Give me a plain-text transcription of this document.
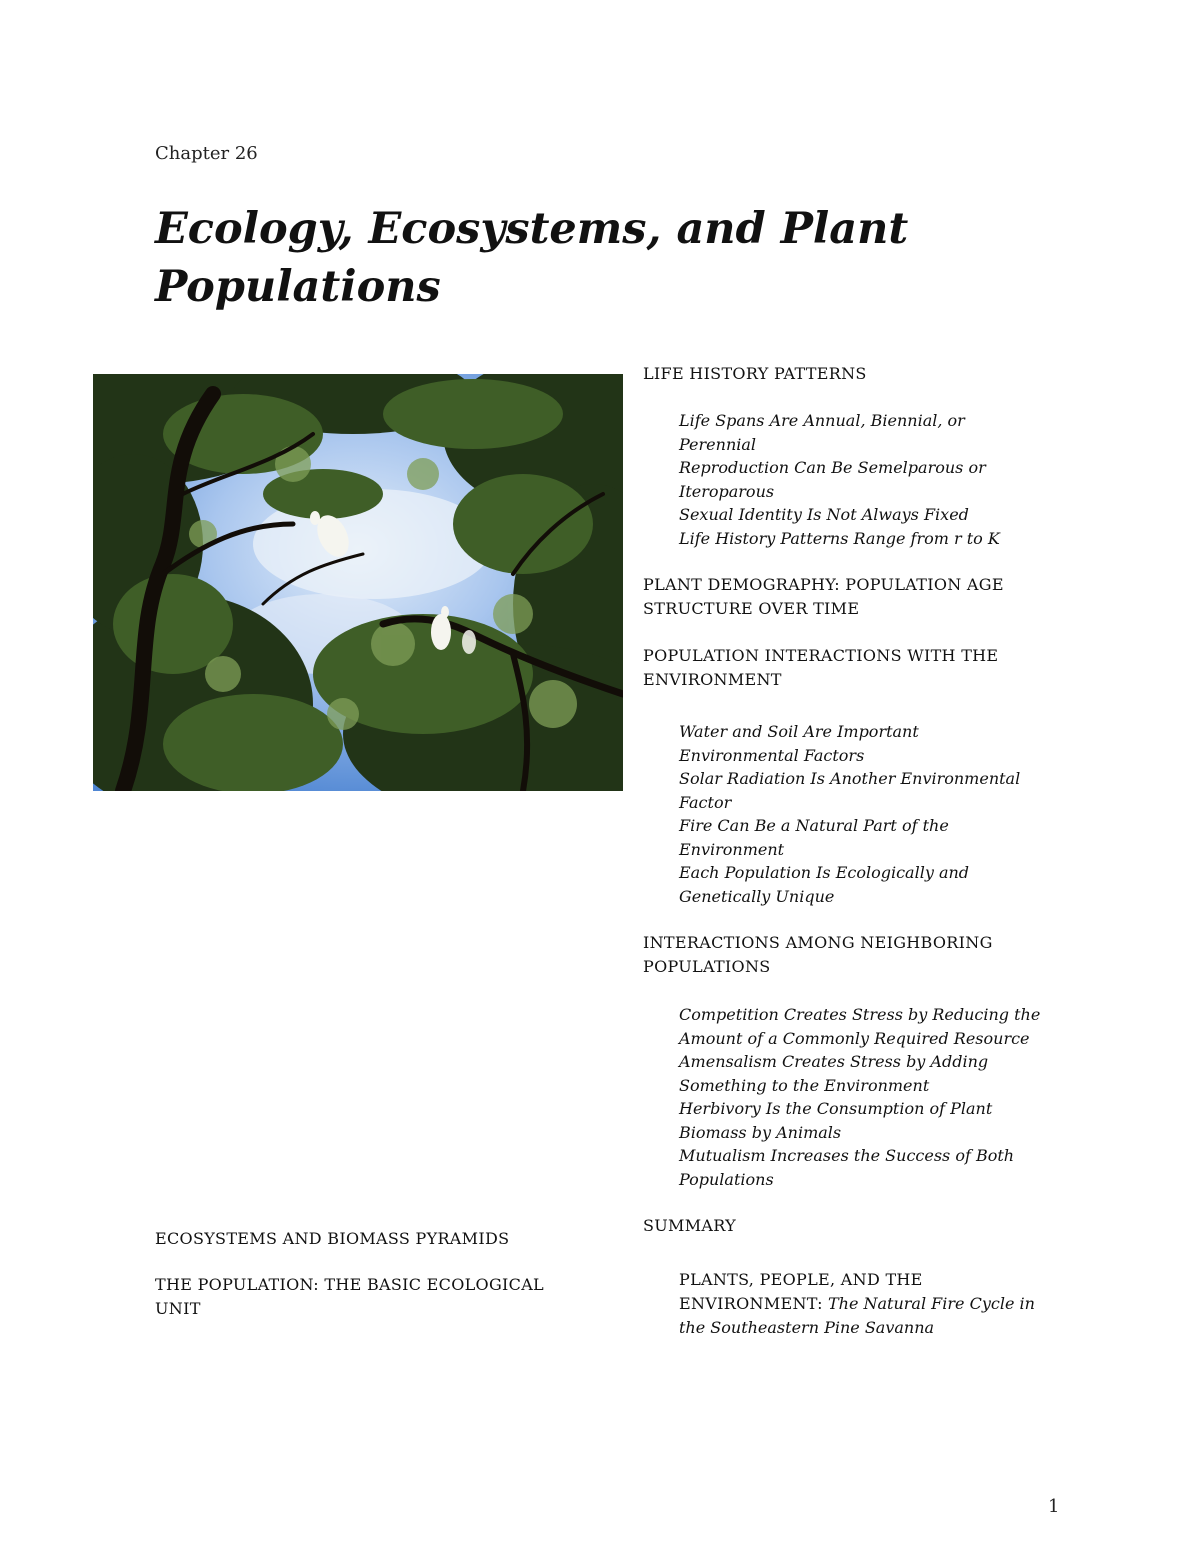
Chapter 26
Ecology, Ecosystems, and Plant
Populations
ECOSYSTEMS AND BIOMASS PYRAMIDS
THE POPULATION: THE BASIC ECOLOGICAL
UNIT
LIFE HISTORY PATTERNS
Life Spans Are Annual, Biennial, or
Perennial
Reproduction Can Be Semelparous or
Iteroparous
Sexual Identity Is Not Always Fixed
Life History Patterns Range from r to K
PLANT DEMOGRAPHY: POPULATION AGE
STRUCTURE OVER TIME
POPULATION INTERACTIONS WITH THE
ENVIRONMENT
Water and Soil Are Important
Environmental Factors
Solar Radiation Is Another Environmental
Factor
Fire Can Be a Natural Part of the
Environment
Each Population Is Ecologically and
Genetically Unique
INTERACTIONS AMONG NEIGHBORING
POPULATIONS
Competition Creates Stress by Reducing the
Amount of a Commonly Required Resource
Amensalism Creates Stress by Adding
Something to the Environment
Herbivory Is the Consumption of Plant
Biomass by Animals
Mutualism Increases the Success of Both
Populations
SUMMARY
PLANTS, PEOPLE, AND THE
ENVIRONMENT: The Natural Fire Cycle in
the Southeastern Pine Savanna
1
